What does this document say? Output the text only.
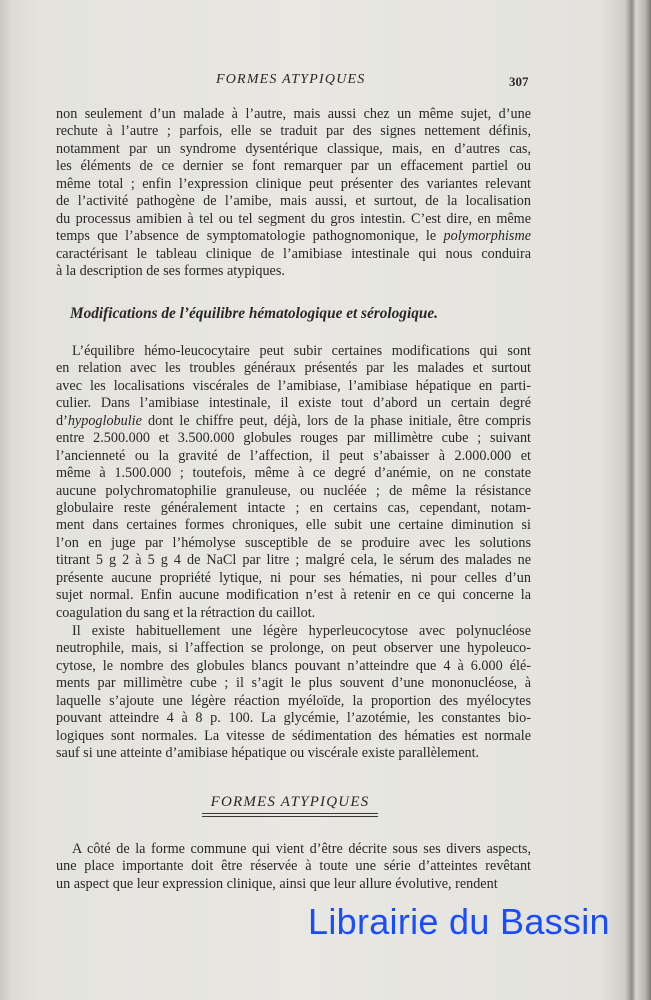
FORMES ATYPIQUES	307
non seulement d’un malade à l’autre, mais aussi chez un même sujet, d’une
rechute à l’autre ; parfois, elle se traduit par des signes nettement définis,
notamment par un syndrome dysentérique classique, mais, en d’autres cas,
les éléments de ce dernier se font remarquer par un effacement partiel ou
même total ; enfin l’expression clinique peut présenter des variantes relevant
de l’activité pathogène de l’amibe, mais aussi, et surtout, de la localisation
du processus amibien à tel ou tel segment du gros intestin. C’est dire, en même
temps que l’absence de symptomatologie pathognomonique, le polymorphisme
caractérisant le tableau clinique de l’amibiase intestinale qui nous conduira
à la description de ses formes atypiques.
Modifications de l’équilibre hématologique et sérologique.
L’équilibre hémo-leucocytaire peut subir certaines modifications qui sont
en relation avec les troubles généraux présentés par les malades et surtout
avec les localisations viscérales de l’amibiase, l’amibiase hépatique en parti-
culier. Dans l’amibiase intestinale, il existe tout d’abord un certain degré
d’hypoglobulie dont le chiffre peut, déjà, lors de la phase initiale, être compris
entre 2.500.000 et 3.500.000 globules rouges par millimètre cube ; suivant
l’ancienneté ou la gravité de l’affection, il peut s’abaisser à 2.000.000 et
même à 1.500.000 ; toutefois, même à ce degré d’anémie, on ne constate
aucune polychromatophilie granuleuse, ou nucléée ; de même la résistance
globulaire reste généralement intacte ; en certains cas, cependant, notam-
ment dans certaines formes chroniques, elle subit une certaine diminution si
l’on en juge par l’hémolyse susceptible de se produire avec les solutions
titrant 5 g 2 à 5 g 4 de NaCl par litre ; malgré cela, le sérum des malades ne
présente aucune propriété lytique, ni pour ses hématies, ni pour celles d’un
sujet normal. Enfin aucune modification n’est à retenir en ce qui concerne la
coagulation du sang et la rétraction du caillot.
Il existe habituellement une légère hyperleucocytose avec polynucléose
neutrophile, mais, si l’affection se prolonge, on peut observer une hypoleuco-
cytose, le nombre des globules blancs pouvant n’atteindre que 4 à 6.000 élé-
ments par millimètre cube ; il s’agit le plus souvent d’une mononucléose, à
laquelle s’ajoute une légère réaction myéloïde, la proportion des myélocytes
pouvant atteindre 4 à 8 p. 100. La glycémie, l’azotémie, les constantes bio-
logiques sont normales. La vitesse de sédimentation des hématies est normale
sauf si une atteinte d’amibiase hépatique ou viscérale existe parallèlement.
FORMES ATYPIQUES
A côté de la forme commune qui vient d’être décrite sous ses divers aspects,
une place importante doit être réservée à toute une série d’atteintes revêtant
un aspect que leur expression clinique, ainsi que leur allure évolutive, rendent
Librairie du Bassin
